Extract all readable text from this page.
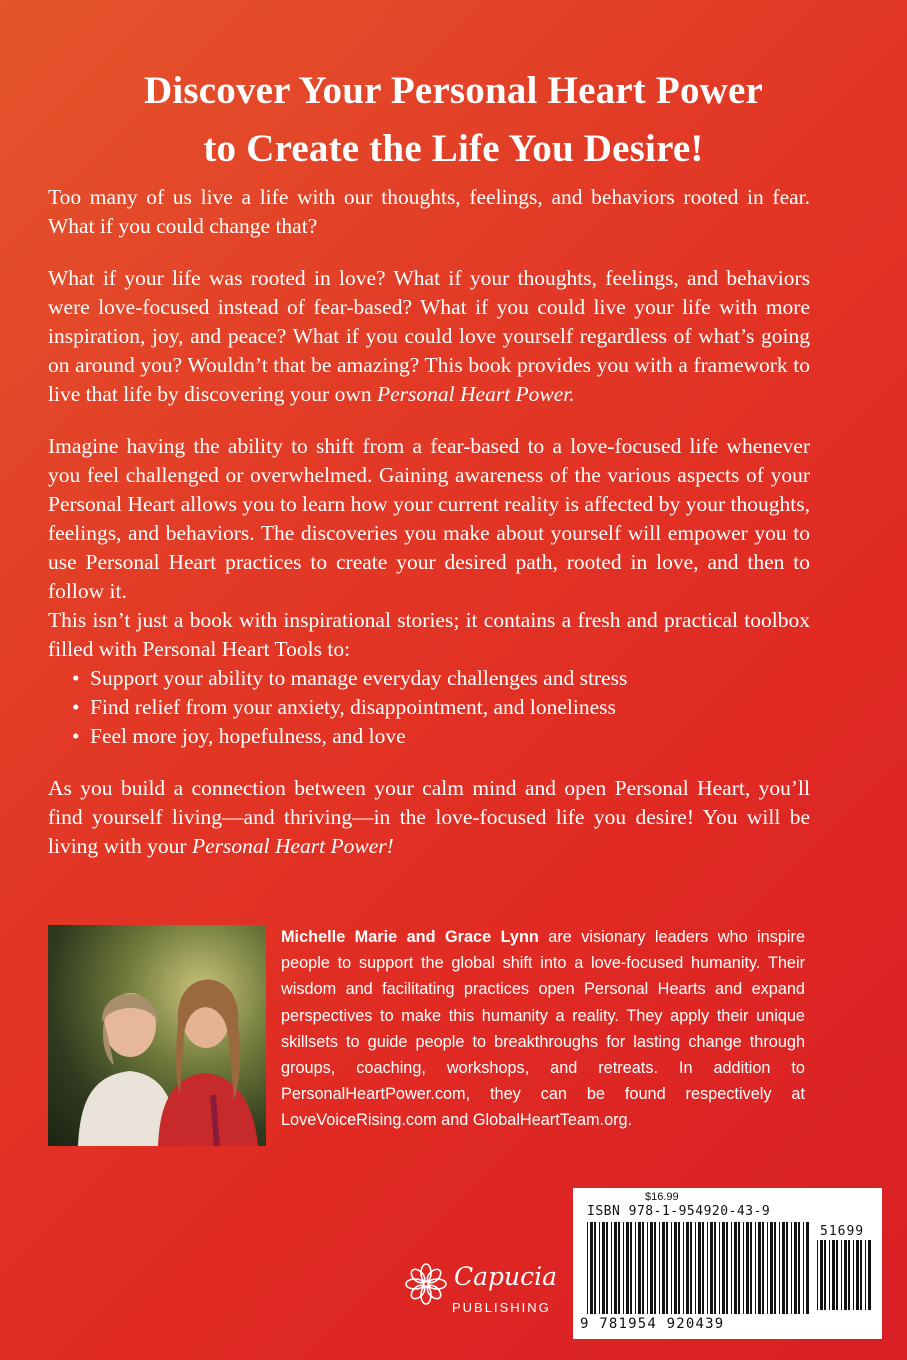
Discover Your Personal Heart Power
to Create the Life You Desire!

Too many of us live a life with our thoughts, feelings, and behaviors rooted in fear. What if you could change that?

What if your life was rooted in love? What if your thoughts, feelings, and behaviors were love-focused instead of fear-based? What if you could live your life with more inspiration, joy, and peace? What if you could love yourself regardless of what’s going on around you? Wouldn’t that be amazing? This book provides you with a framework to live that life by discovering your own Personal Heart Power.

Imagine having the ability to shift from a fear-based to a love-focused life whenever you feel challenged or overwhelmed. Gaining awareness of the various aspects of your Personal Heart allows you to learn how your current reality is affected by your thoughts, feelings, and behaviors. The discoveries you make about yourself will empower you to use Personal Heart practices to create your desired path, rooted in love, and then to follow it.

This isn’t just a book with inspirational stories; it contains a fresh and practical toolbox filled with Personal Heart Tools to:

• Support your ability to manage everyday challenges and stress
• Find relief from your anxiety, disappointment, and loneliness
• Feel more joy, hopefulness, and love

As you build a connection between your calm mind and open Personal Heart, you’ll find yourself living—and thriving—in the love-focused life you desire! You will be living with your Personal Heart Power!

Michelle Marie and Grace Lynn are visionary leaders who inspire people to support the global shift into a love-focused humanity. Their wisdom and facilitating practices open Personal Hearts and expand perspectives to make this humanity a reality. They apply their unique skillsets to guide people to breakthroughs for lasting change through groups, coaching, workshops, and retreats. In addition to PersonalHeartPower.com, they can be found respectively at LoveVoiceRising.com and GlobalHeartTeam.org.
Capucia
PUBLISHING
$16.99
ISBN 978-1-954920-43-9
51699
9 781954 920439
